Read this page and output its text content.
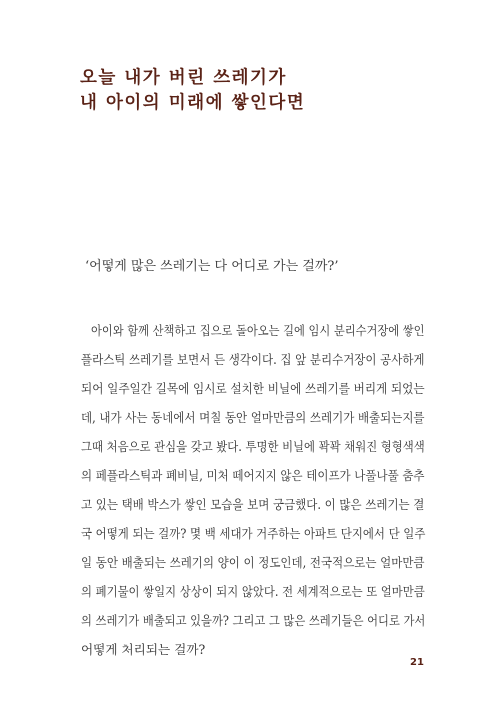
오늘 내가 버린 쓰레기가
내 아이의 미래에 쌓인다면
‘어떻게 많은 쓰레기는 다 어디로 가는 걸까?’
아이와 함께 산책하고 집으로 돌아오는 길에 임시 분리수거장에 쌓인
플라스틱 쓰레기를 보면서 든 생각이다. 집 앞 분리수거장이 공사하게
되어 일주일간 길목에 임시로 설치한 비닐에 쓰레기를 버리게 되었는
데, 내가 사는 동네에서 며칠 동안 얼마만큼의 쓰레기가 배출되는지를
그때 처음으로 관심을 갖고 봤다. 투명한 비닐에 꽉꽉 채워진 형형색색
의 페플라스틱과 폐비닐, 미처 떼어지지 않은 테이프가 나풀나풀 춤추
고 있는 택배 박스가 쌓인 모습을 보며 궁금했다. 이 많은 쓰레기는 결
국 어떻게 되는 걸까? 몇 백 세대가 거주하는 아파트 단지에서 단 일주
일 동안 배출되는 쓰레기의 양이 이 정도인데, 전국적으로는 얼마만큼
의 폐기물이 쌓일지 상상이 되지 않았다. 전 세계적으로는 또 얼마만큼
의 쓰레기가 배출되고 있을까? 그리고 그 많은 쓰레기들은 어디로 가서
어떻게 처리되는 걸까?
21
